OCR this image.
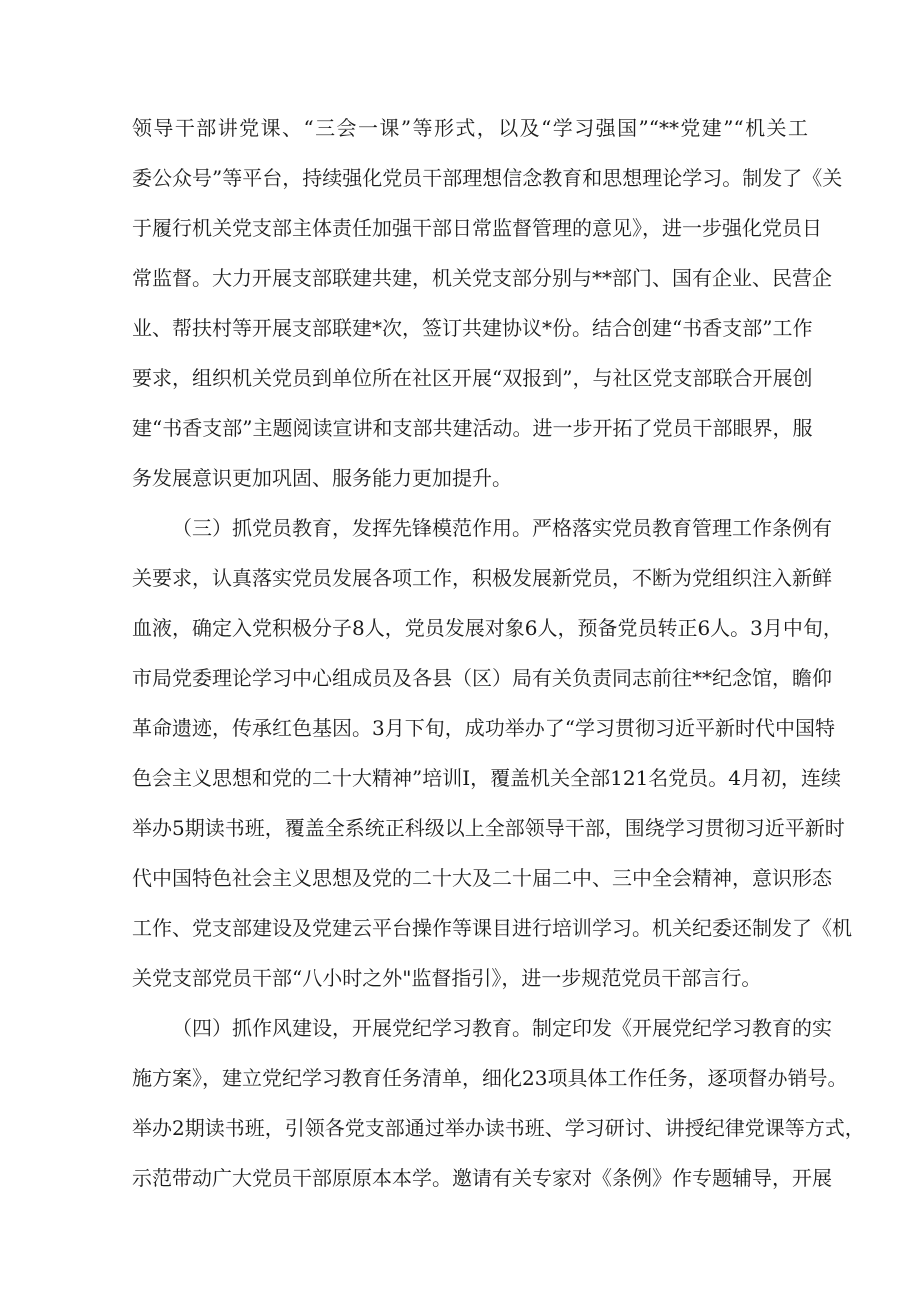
领导干部讲党课、“三会一课”等形式，以及“学习强国”“**党建”“机关工
委公众号”等平台，持续强化党员干部理想信念教育和思想理论学习。制发了《关
于履行机关党支部主体责任加强干部日常监督管理的意见》，进一步强化党员日
常监督。大力开展支部联建共建，机关党支部分别与**部门、国有企业、民营企
业、帮扶村等开展支部联建*次，签订共建协议*份。结合创建“书香支部”工作
要求，组织机关党员到单位所在社区开展“双报到”，与社区党支部联合开展创
建“书香支部”主题阅读宣讲和支部共建活动。进一步开拓了党员干部眼界，服
务发展意识更加巩固、服务能力更加提升。
（三）抓党员教育，发挥先锋模范作用。严格落实党员教育管理工作条例有
关要求，认真落实党员发展各项工作，积极发展新党员，不断为党组织注入新鲜
血液，确定入党积极分子8人，党员发展对象6人，预备党员转正6人。3月中旬，
市局党委理论学习中心组成员及各县（区）局有关负责同志前往**纪念馆，瞻仰
革命遗迹，传承红色基因。3月下旬，成功举办了“学习贯彻习近平新时代中国特
色会主义思想和党的二十大精神”培训I，覆盖机关全部121名党员。4月初，连续
举办5期读书班，覆盖全系统正科级以上全部领导干部，围绕学习贯彻习近平新时
代中国特色社会主义思想及党的二十大及二十届二中、三中全会精神，意识形态
工作、党支部建设及党建云平台操作等课目进行培训学习。机关纪委还制发了《机
关党支部党员干部“八小时之外"监督指引》，进一步规范党员干部言行。
（四）抓作风建设，开展党纪学习教育。制定印发《开展党纪学习教育的实
施方案》，建立党纪学习教育任务清单，细化23项具体工作任务，逐项督办销号。
举办2期读书班，引领各党支部通过举办读书班、学习研讨、讲授纪律党课等方式，
示范带动广大党员干部原原本本学。邀请有关专家对《条例》作专题辅导，开展
